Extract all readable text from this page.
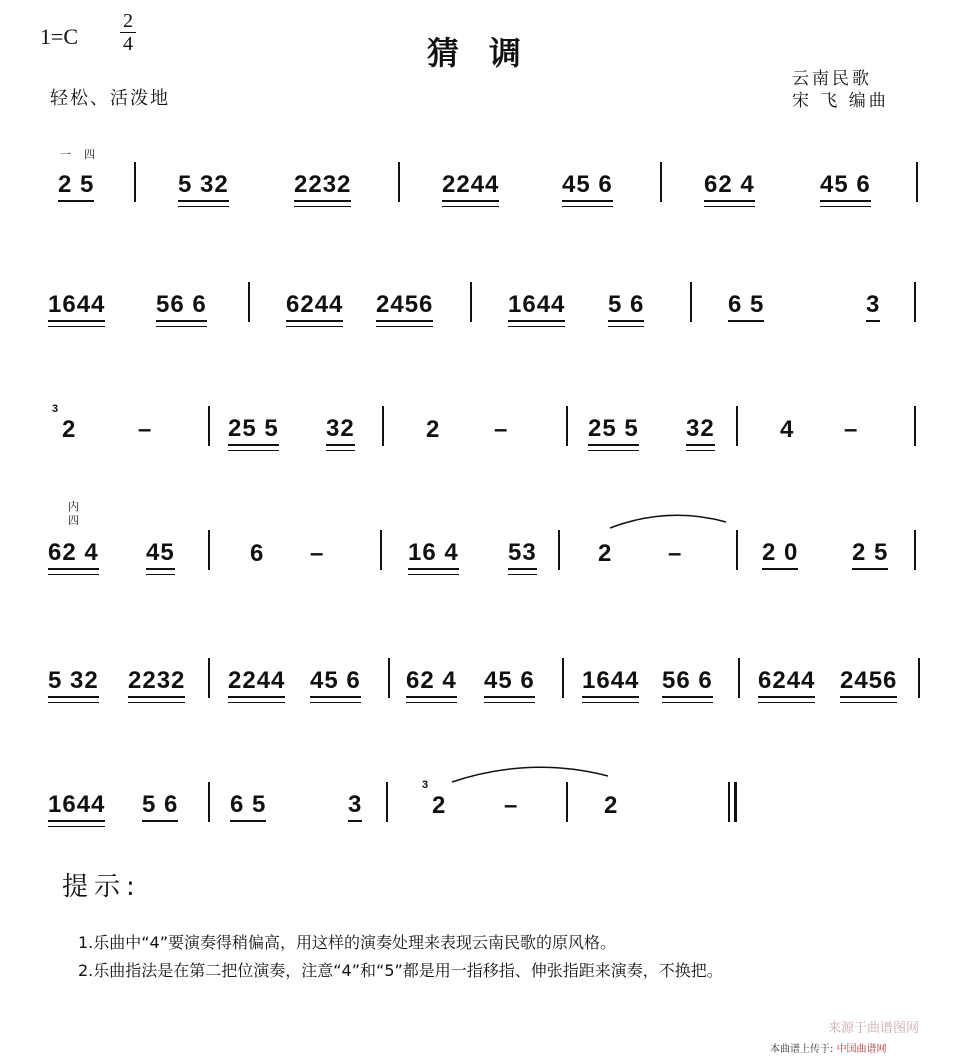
1=C
2
4	猜调
轻松、活泼地
云南民歌
宋 飞 编曲
一 四
2 5	5 32	2232	2244	45 6	62 4	45 6
1644 56 6	6244 2456	1644 5 6	6 5	3
3
2	–	25 5 32	2 –	25 5 32	4 –
内
四
62 4 45	6 –	16 4 53	2 –	2 0 2 5
5 32 2232 2244 45 6 62 4 45 6 1644 56 6 6244 2456
1644 5 6 6 5	3
3
2 –	2
提示:
1.乐曲中“4”要演奏得稍偏高，用这样的演奏处理来表现云南民歌的原风格。
2.乐曲指法是在第二把位演奏，注意“4”和“5”都是用一指移指、伸张指距来演奏，不换把。
来源于曲谱图网
本曲谱上传于: 中国曲谱网
